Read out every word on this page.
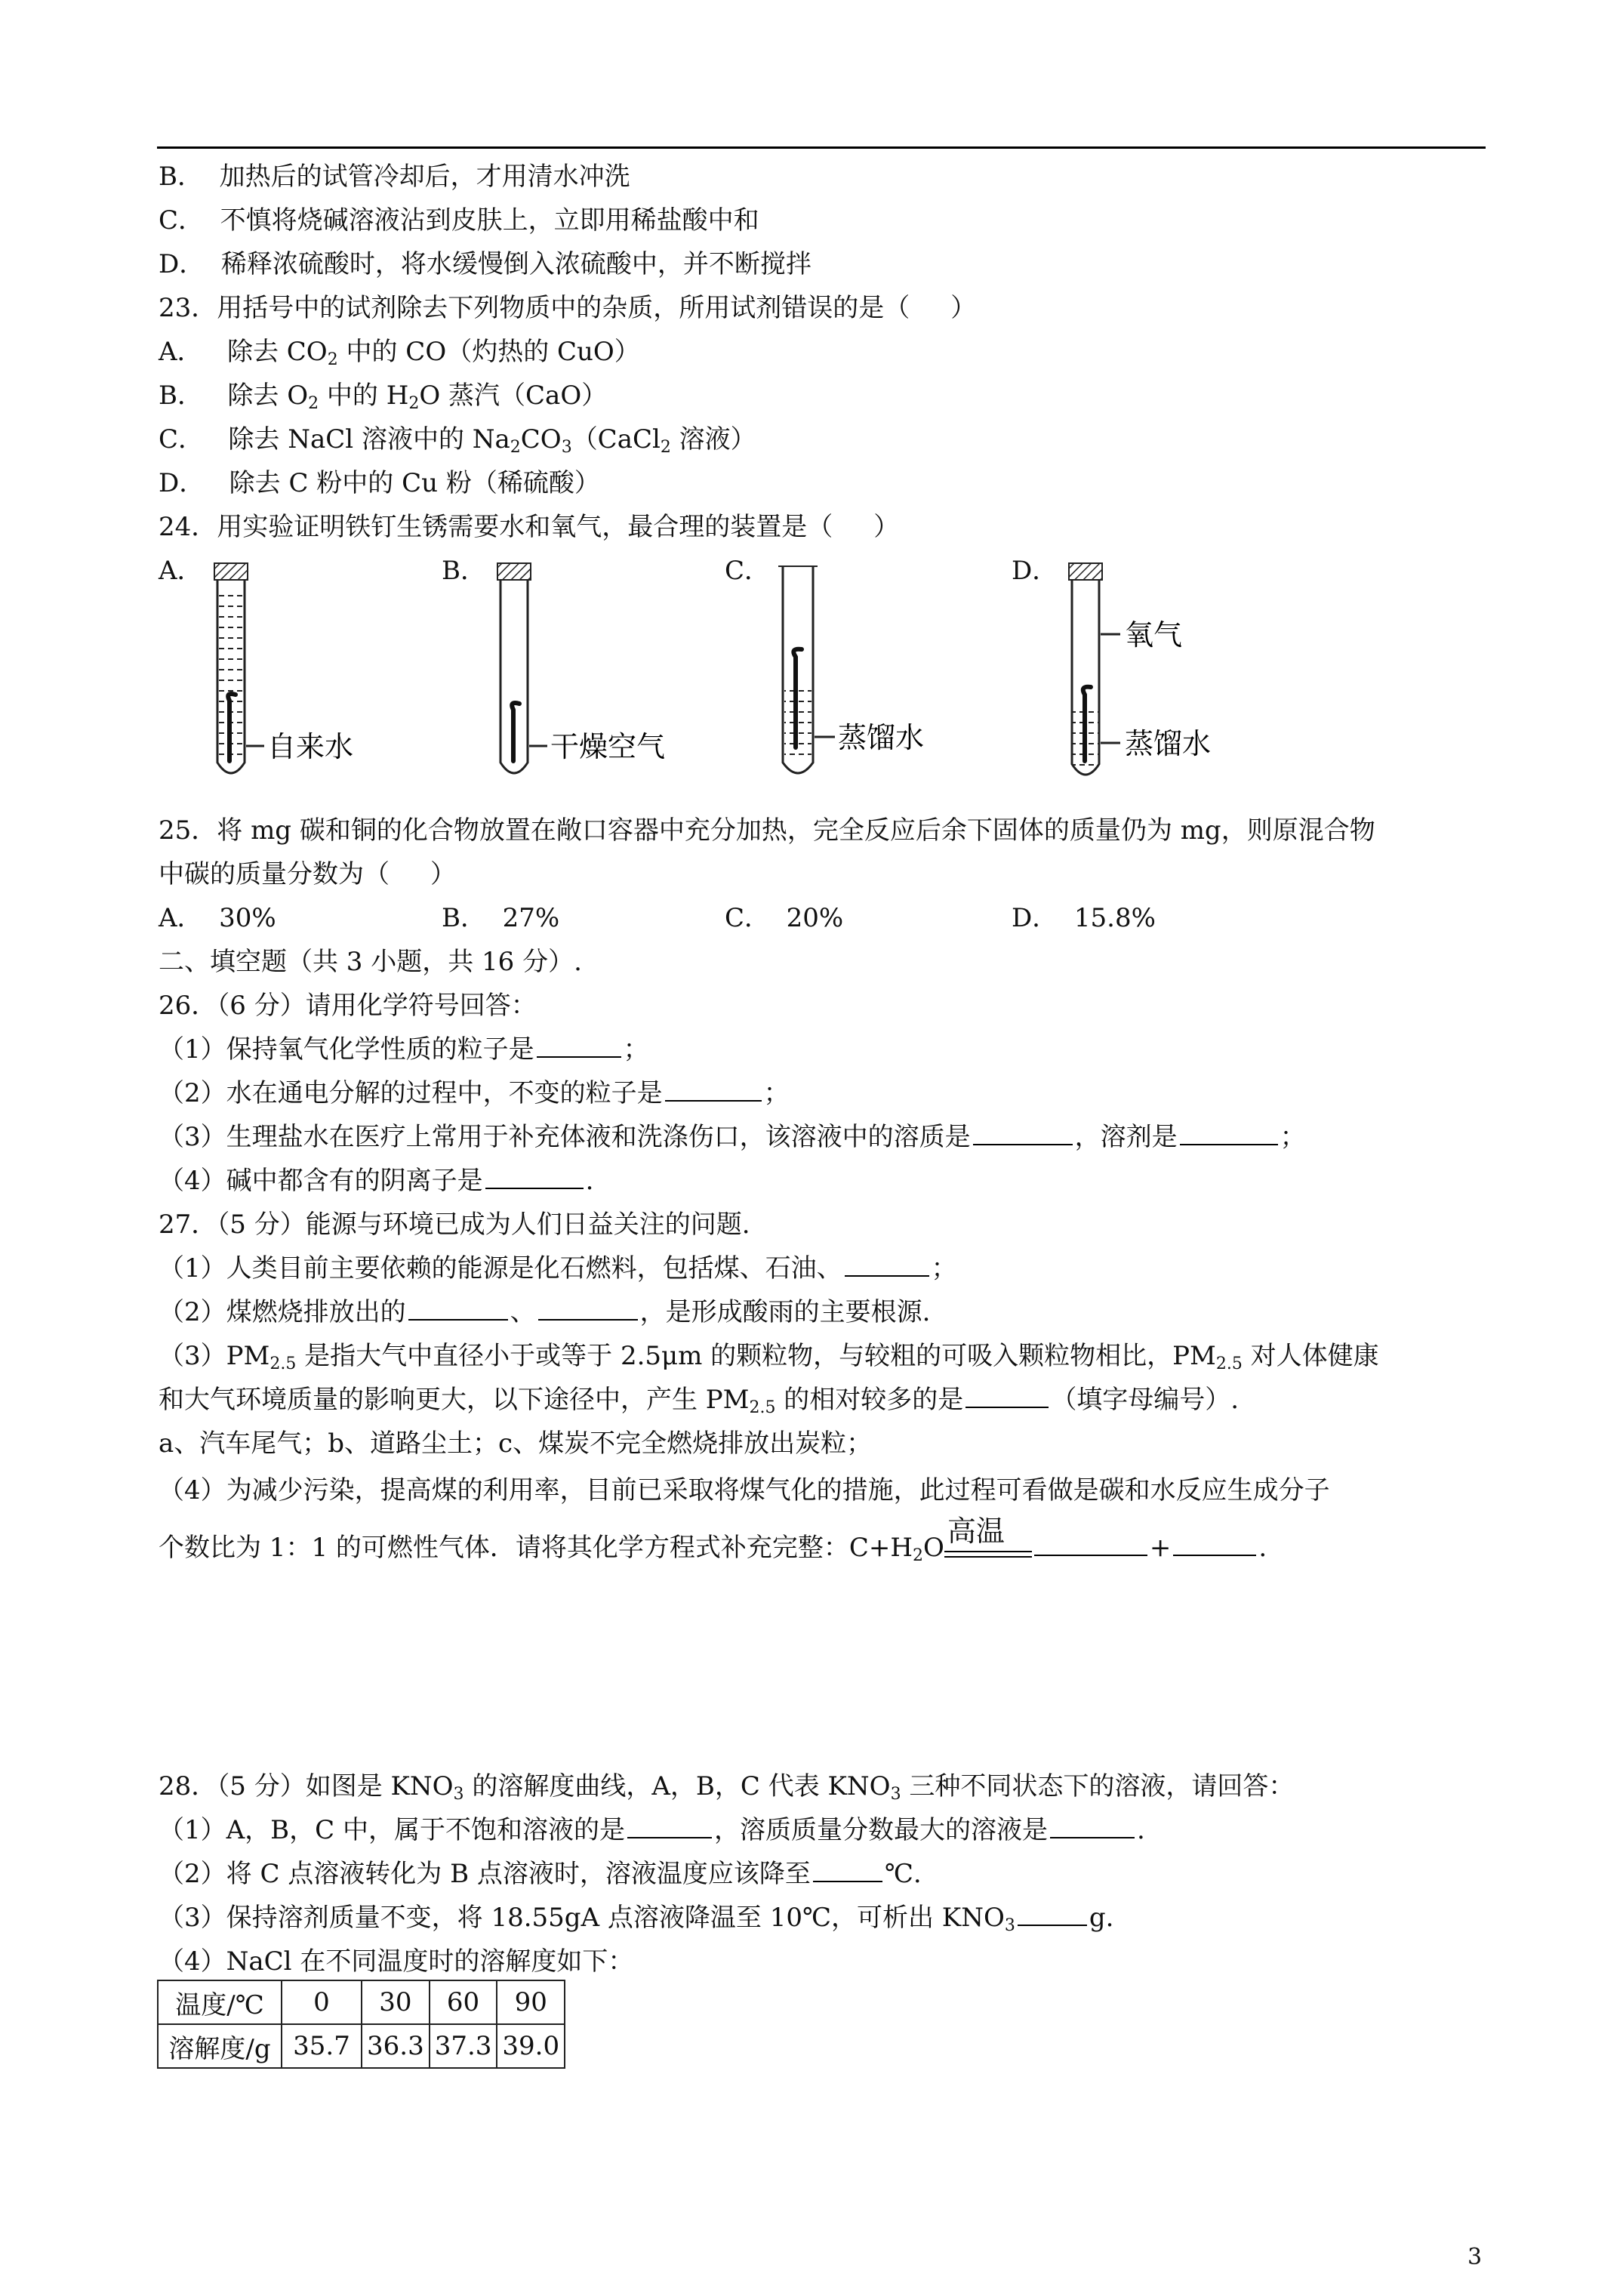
B．  加热后的试管冷却后，才用清水冲洗
C．  不慎将烧碱溶液沾到皮肤上，立即用稀盐酸中和
D．  稀释浓硫酸时，将水缓慢倒入浓硫酸中，并不断搅拌
23．用括号中的试剂除去下列物质中的杂质，所用试剂错误的是（     ）
A．   除去 $CO_2$ 中的 CO（灼热的 CuO）
B．   除去 $O_2$ 中的 $H_2O$ 蒸汽（CaO）
C．   除去 NaCl 溶液中的 $Na_2CO_3(CaCl_2$ 溶液）
D．   除去 C 粉中的 Cu 粉（稀硫酸）
24．用实验证明铁钉生锈需要水和氧气，最合理的装置是（     ）
A．	B．	C．	D．
自来水	干燥空气	蒸馏水
氧气
蒸馏水
25．将 mg 碳和铜的化合物放置在敞口容器中充分加热，完全反应后余下固体的质量仍为 mg，则原混合物
中碳的质量分数为（     ）
A．  30%	B．  27%	C．  20%	D．  15.8%
二、填空题（共 3 小题，共 16 分）.
26．（6 分）请用化学符号回答：
（1）保持氧气化学性质的粒子是	；
（2）水在通电分解的过程中，不变的粒子是	；
（3）生理盐水在医疗上常用于补充体液和洗涤伤口，该溶液中的溶质是	，溶剂是	；
（4）碱中都含有的阴离子是	.
27．（5 分）能源与环境已成为人们日益关注的问题.
（1）人类目前主要依赖的能源是化石燃料，包括煤、石油、	；
（2）煤燃烧排放出的	、	，是形成酸雨的主要根源.
$(3)PM_{2.5}$ 是指大气中直径小于或等于 2.5μm 的颗粒物，与较粗的可吸入颗粒物相比，$PM_{2.5}$ 对人体健康
和大气环境质量的影响更大，以下途径中，产生 $PM_{2.5}$ 的相对较多的是	（填字母编号）.
a、汽车尾气；b、道路尘土；c、煤炭不完全燃烧排放出炭粒；
（4）为减少污染，提高煤的利用率，目前已采取将煤气化的措施，此过程可看做是碳和水反应生成分子
个数比为 1：1 的可燃性气体．请将其化学方程式补充完整：$C+H_2O$ 高温	+	.
28．（5 分）如图是 $KNO_3$ 的溶解度曲线，A，B，C 代表 $KNO_3$ 三种不同状态下的溶液，请回答：
（1）A，B，C 中，属于不饱和溶液的是	，溶质质量分数最大的溶液是	.
（2）将 C 点溶液转化为 B 点溶液时，溶液温度应该降至	℃.
（3）保持溶剂质量不变，将 18.55gA 点溶液降温至 10℃，可析出 $KNO_3$	g.
（4）NaCl 在不同温度时的溶解度如下：
温度/℃	0	30	60	90
溶解度/g	35.7	36.3	37.3	39.0
3
